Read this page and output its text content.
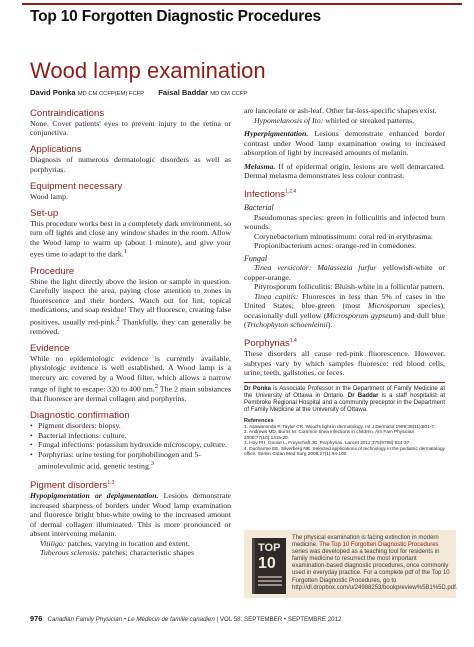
Top 10 Forgotten Diagnostic Procedures
Wood lamp examination
David Ponka MD CM CCFP(EM) FCFP Faisal Baddar MD CM CCFP
Contraindications

None. Cover patients' eyes to prevent injury to the retina or conjunctiva.

Applications

Diagnosis of numerous dermatologic disorders as well as porphyrias.

Equipment necessary

Wood lamp.

Set-up

This procedure works best in a completely dark environment, so turn off lights and close any window shades in the room. Allow the Wood lamp to warm up (about 1 minute), and give your eyes time to adapt to the dark.$^1$

Procedure

Shine the light directly above the lesion or sample in question. Carefully inspect the area, paying close attention to zones in fluorescence and their borders. Watch out for lint, topical medications, and soap residue! They all fluoresce, creating false positives, usually red-pink.$^2$ Thankfully, they can generally be removed.

Evidence

While no epidemiologic evidence is currently available, physiologic evidence is well established. A Wood lamp is a mercury arc covered by a Wood filter, which allows a narrow range of light to escape: 320 to 400 nm.$^2$ The 2 main substances that fluoresce are dermal collagen and porphyrins.

Diagnostic confirmation
• Pigment disorders: biopsy.
• Bacterial infections: culture.
• Fungal infections: potassium hydroxide microscopy, culture.
• Porphyrias: urine testing for porphobilinogen and 5-aminolevulinic acid, genetic testing.$^3$
Pigment disorders$^{1,3}$

Hypopigmentation or depigmentation. Lesions demonstrate increased sharpness of borders under Wood lamp examination and fluoresce bright blue-white owing to the increased amount of dermal collagen illuminated. This is more pronounced or absent intervening melanin.

Vitiligo: patches, varying in location and extent.

Tuberous sclerosis: patches; characteristic shapes

are lanceolate or ash-leaf. Other far-less-specific shapes exist.

Hypomelanosis of Ito: whirled or streaked patterns.

Hyperpigmentation. Lesions demonstrate enhanced border contrast under Wood lamp examination owing to increased absorption of light by increased amounts of melanin.

Melasma. If of epidermal origin, lesions are well demarcated. Dermal melasma demonstrates less colour contrast.

Infections$^{1,2,4}$
Bacterial

Pseudomonas species: green in folliculitis and infected burn wounds.

Corynebacterium minutissimum: coral red in erythrasma.

Propionibacterium acnes: orange-red in comedones.

Fungal

Tinea versicolor: Malassezia furfur yellowish-white or copper-orange.

Pityrosporum folliculitis: Bluish-white in a follicular pattern.

Tinea capitis: Fluoresces in less than 5% of cases in the United States; blue-green (most Microsporum species), occasionally dull yellow (Microsporum gypseum) and dull blue (Trichophyton schoenleinii).

Porphyrias$^{1,4}$

These disorders all cause red-pink fluorescence. However, subtypes vary by which samples fluoresce: red blood cells, urine, teeth, gallstones, or feces.

Dr Ponka is Associate Professor in the Department of Family Medicine at the University of Ottawa in Ontario. Dr Baddar is a staff hospitalist at Pembroke Regional Hospital and a community preceptor in the Department of Family Medicine at the University of Ottawa.

References
1. Asawanonda P, Taylor CR. Wood's light in dermatology. Int J Dermatol 1999;38(11):801-7.
2. Andrews MD, Burns M. Common tinea infections in children. Am Fam Physician 2008;77(10):1415-20.
3. Hoy PH, Goose L, Freyschaft JC. Porphyrias. Lancet 2012;375(9798):924-37.
4. Ducharme EE, Silverberg NB. Selected applications of technology in the pediatric dermatology office. Semin Cutan Med Surg 2008;27(1):94-100.
TOP
10
The physical examination is facing extinction in modern medicine. The Top 10 Forgotten Diagnostic Procedures series was developed as a teaching tool for residents in family medicine to resurrect the most important examination-based diagnostic procedures, once commonly used in everyday practice. For a complete pdf of the Top 10 Forgotten Diagnostic Procedures, go to http://dl.dropbox.com/u/24988253/bookpreview%5B1%5D.pdf.
976 Canadian Family Physician • Le Médecin de famille canadien | VOL 58: SEPTEMBER • SEPTEMBRE 2012
